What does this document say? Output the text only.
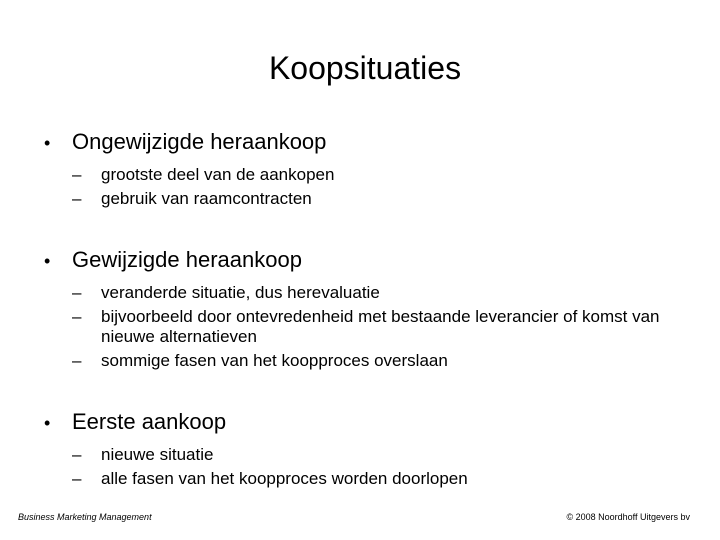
Koopsituaties
• Ongewijzigde heraankoop
–	grootste deel van de aankopen
–	gebruik van raamcontracten
• Gewijzigde heraankoop
–	veranderde situatie, dus herevaluatie
–	bijvoorbeeld door ontevredenheid met bestaande leverancier of komst van nieuwe alternatieven
–	sommige fasen van het koopproces overslaan
• Eerste aankoop
–	nieuwe situatie
–	alle fasen van het koopproces worden doorlopen
Business Marketing Management	© 2008 Noordhoff Uitgevers bv
